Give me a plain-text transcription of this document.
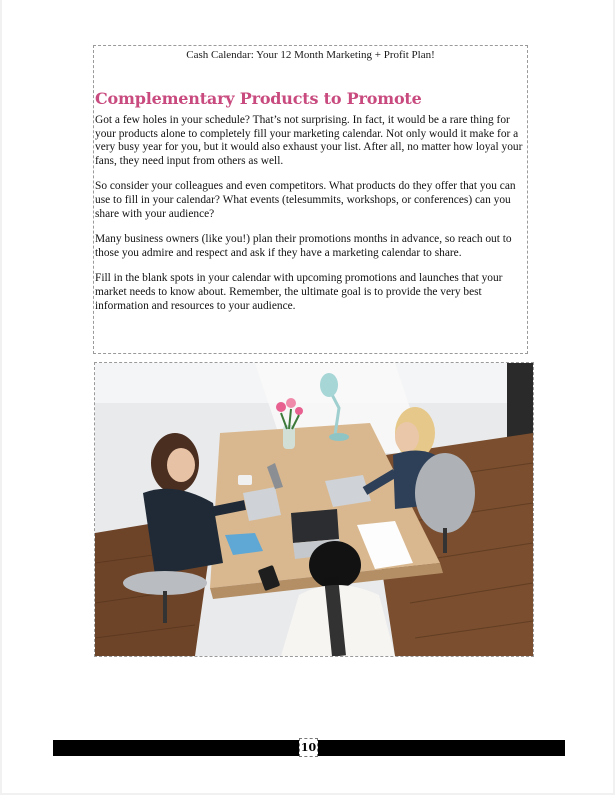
Cash Calendar: Your 12 Month Marketing + Profit Plan!
Complementary Products to Promote

Got a few holes in your schedule? That’s not surprising. In fact, it would be a rare thing for your products alone to completely fill your marketing calendar. Not only would it make for a very busy year for you, but it would also exhaust your list. After all, no matter how loyal your fans, they need input from others as well.

So consider your colleagues and even competitors. What products do they offer that you can use to fill in your calendar? What events (telesummits, workshops, or conferences) can you share with your audience?

Many business owners (like you!) plan their promotions months in advance, so reach out to those you admire and respect and ask if they have a marketing calendar to share.

Fill in the blank spots in your calendar with upcoming promotions and launches that your market needs to know about. Remember, the ultimate goal is to provide the very best information and resources to your audience.

10
